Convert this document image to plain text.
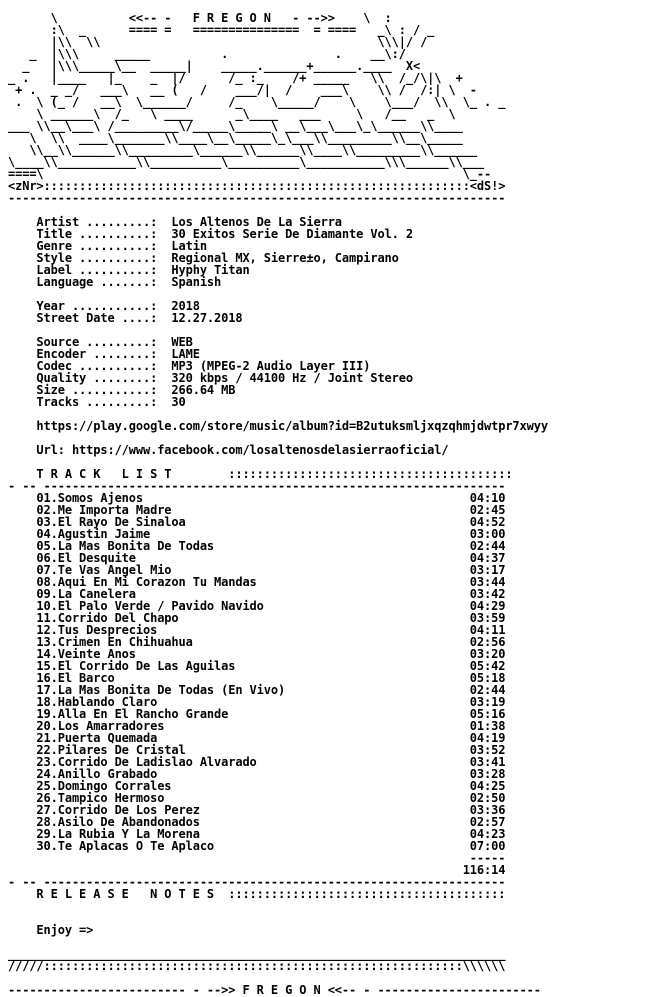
\          <<-- -   F R E G O N   - -->>    \  :
:\  _      ==== =   ===============  = ====   _\ : / _
|\\  \\                                       \\\|/ /
_  |\\\     _____          .               .    __\:/
_   |\\\_____\__  _____|    _____.______+______.____  X<
_ .   |____   |_    _  |/      /_ :_    /+ _____   \\  /_/\|\  +
+ .  _ _/   ___\   __ (   /    ___/|  /    ___\    \\ /  /:| \  -
.  \ (_ /   __\  \______/     /_    \_____/    \    \___/  \\  \_ . _
\ ______\  /_   \ ____      _\____   ___     \   /__   _  \
___ \\__\___\ /_________\/_____\_____\ __\___\___\_\______\\____
\  \\  ____\_______\\____\__\_____\_\___\\_________\\__\_____
\\__\\______\\_________\______\\______\\____\\_________\\______
\____\\___________\\__________\__________\___________\\\______\\___
====\                                                           \_--
<zNr>::::::::::::::::::::::::::::::::::::::::::::::::::::::::::::<dS!>
----------------------------------------------------------------------

Artist .........:  Los Altenos De La Sierra
Title ..........:  30 Exitos Serie De Diamante Vol. 2
Genre ..........:  Latin
Style ..........:  Regional MX, Sierre±o, Campirano
Label ..........:  Hyphy Titan
Language .......:  Spanish

Year ...........:  2018
Street Date ....:  12.27.2018

Source .........:  WEB
Encoder ........:  LAME
Codec ..........:  MP3 (MPEG-2 Audio Layer III)
Quality ........:  320 kbps / 44100 Hz / Joint Stereo
Size ...........:  266.64 MB
Tracks .........:  30

https://play.google.com/store/music/album?id=B2utuksmljxqzqhmjdwtpr7xwyy

Url: https://www.facebook.com/losaltenosdelasierraoficial/

T R A C K   L I S T        ::::::::::::::::::::::::::::::::::::::::
- -- -----------------------------------------------------------------
01.Somos Ajenos                                              04:10
02.Me Importa Madre                                          02:45
03.El Rayo De Sinaloa                                        04:52
04.Agustin Jaime                                             03:00
05.La Mas Bonita De Todas                                    02:44
06.El Desquite                                               04:37
07.Te Vas Angel Mio                                          03:17
08.Aqui En Mi Corazon Tu Mandas                              03:44
09.La Canelera                                               03:42
10.El Palo Verde / Pavido Navido                             04:29
11.Corrido Del Chapo                                         03:59
12.Tus Desprecios                                            04:11
13.Crimen En Chihuahua                                       02:56
14.Veinte Anos                                               03:20
15.El Corrido De Las Aguilas                                 05:42
16.El Barco                                                  05:18
17.La Mas Bonita De Todas (En Vivo)                          02:44
18.Hablando Claro                                            03:19
19.Alla En El Rancho Grande                                  05:16
20.Los Amarradores                                           01:38
21.Puerta Quemada                                            04:19
22.Pilares De Cristal                                        03:52
23.Corrido De Ladislao Alvarado                              03:41
24.Anillo Grabado                                            03:28
25.Domingo Corrales                                          04:25
26.Tampico Hermoso                                           02:50
27.Corrido De Los Perez                                      03:36
28.Asilo De Abandonados                                      02:57
29.La Rubia Y La Morena                                      04:23
30.Te Aplacas O Te Aplaco                                    07:00
-----
116:14
- -- -----------------------------------------------------------------
R E L E A S E   N O T E S  :::::::::::::::::::::::::::::::::::::::

Enjoy =>

______________________________________________________________________
/////:::::::::::::::::::::::::::::::::::::::::::::::::::::::::::\\\\\\

------------------------- - -->> F R E G O N <<-- - -----------------------
